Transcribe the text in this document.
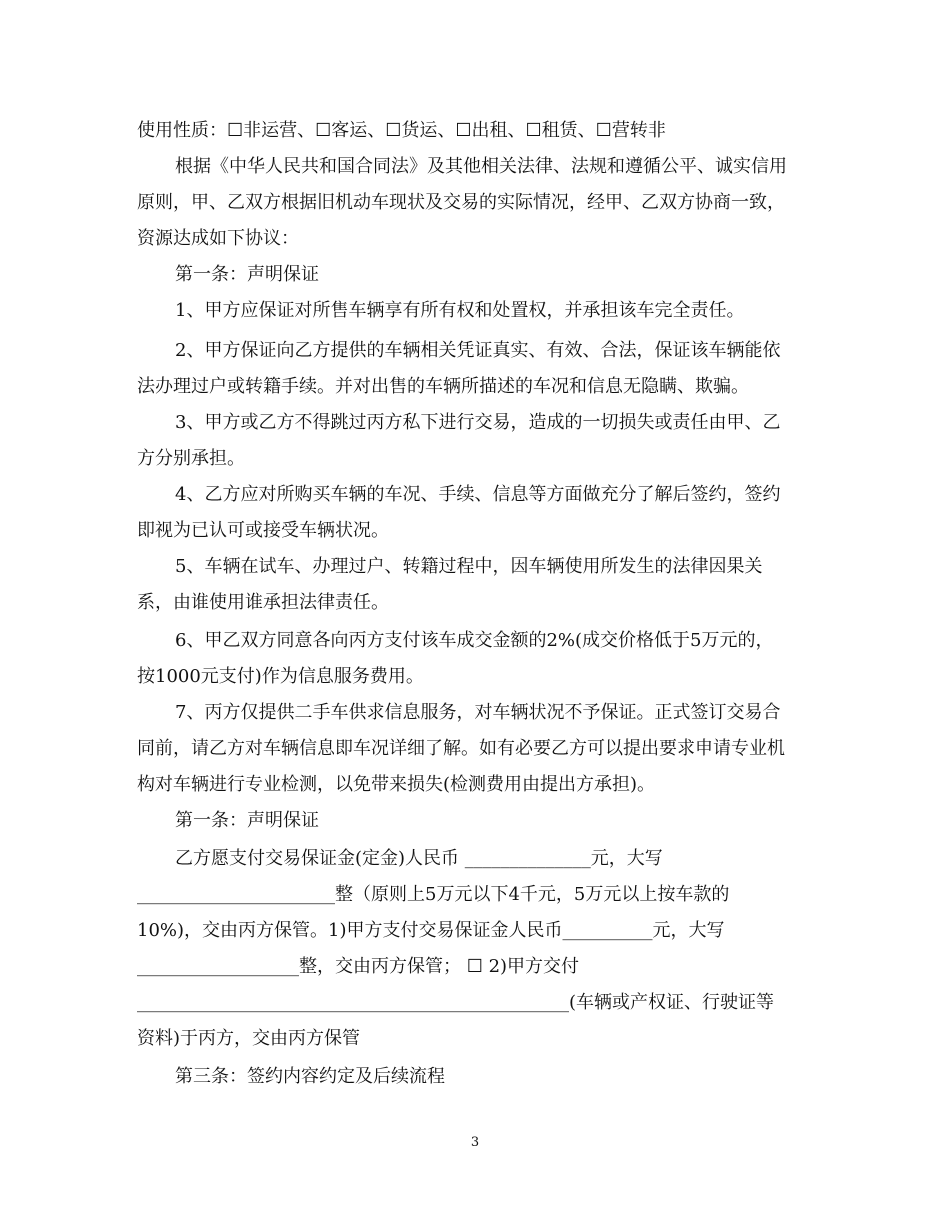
使用性质：☐非运营、☐客运、☐货运、☐出租、☐租赁、☐营转非
根据《中华人民共和国合同法》及其他相关法律、法规和遵循公平、诚实信用
原则，甲、乙双方根据旧机动车现状及交易的实际情况，经甲、乙双方协商一致，
资源达成如下协议：
第一条：声明保证
1、甲方应保证对所售车辆享有所有权和处置权，并承担该车完全责任。
2、甲方保证向乙方提供的车辆相关凭证真实、有效、合法，保证该车辆能依
法办理过户或转籍手续。并对出售的车辆所描述的车况和信息无隐瞒、欺骗。
3、甲方或乙方不得跳过丙方私下进行交易，造成的一切损失或责任由甲、乙
方分别承担。
4、乙方应对所购买车辆的车况、手续、信息等方面做充分了解后签约，签约
即视为已认可或接受车辆状况。
5、车辆在试车、办理过户、转籍过程中，因车辆使用所发生的法律因果关
系，由谁使用谁承担法律责任。
6、甲乙双方同意各向丙方支付该车成交金额的2%(成交价格低于5万元的，
按1000元支付)作为信息服务费用。
7、丙方仅提供二手车供求信息服务，对车辆状况不予保证。正式签订交易合
同前，请乙方对车辆信息即车况详细了解。如有必要乙方可以提出要求申请专业机
构对车辆进行专业检测，以免带来损失(检测费用由提出方承担)。
第一条：声明保证
乙方愿支付交易保证金(定金)人民币 ______________元，大写
______________________整（原则上5万元以下4千元，5万元以上按车款的
10%)，交由丙方保管。1)甲方支付交易保证金人民币__________元，大写
__________________整，交由丙方保管； ☐ 2)甲方交付
________________________________________________(车辆或产权证、行驶证等
资料)于丙方，交由丙方保管
第三条：签约内容约定及后续流程
3
